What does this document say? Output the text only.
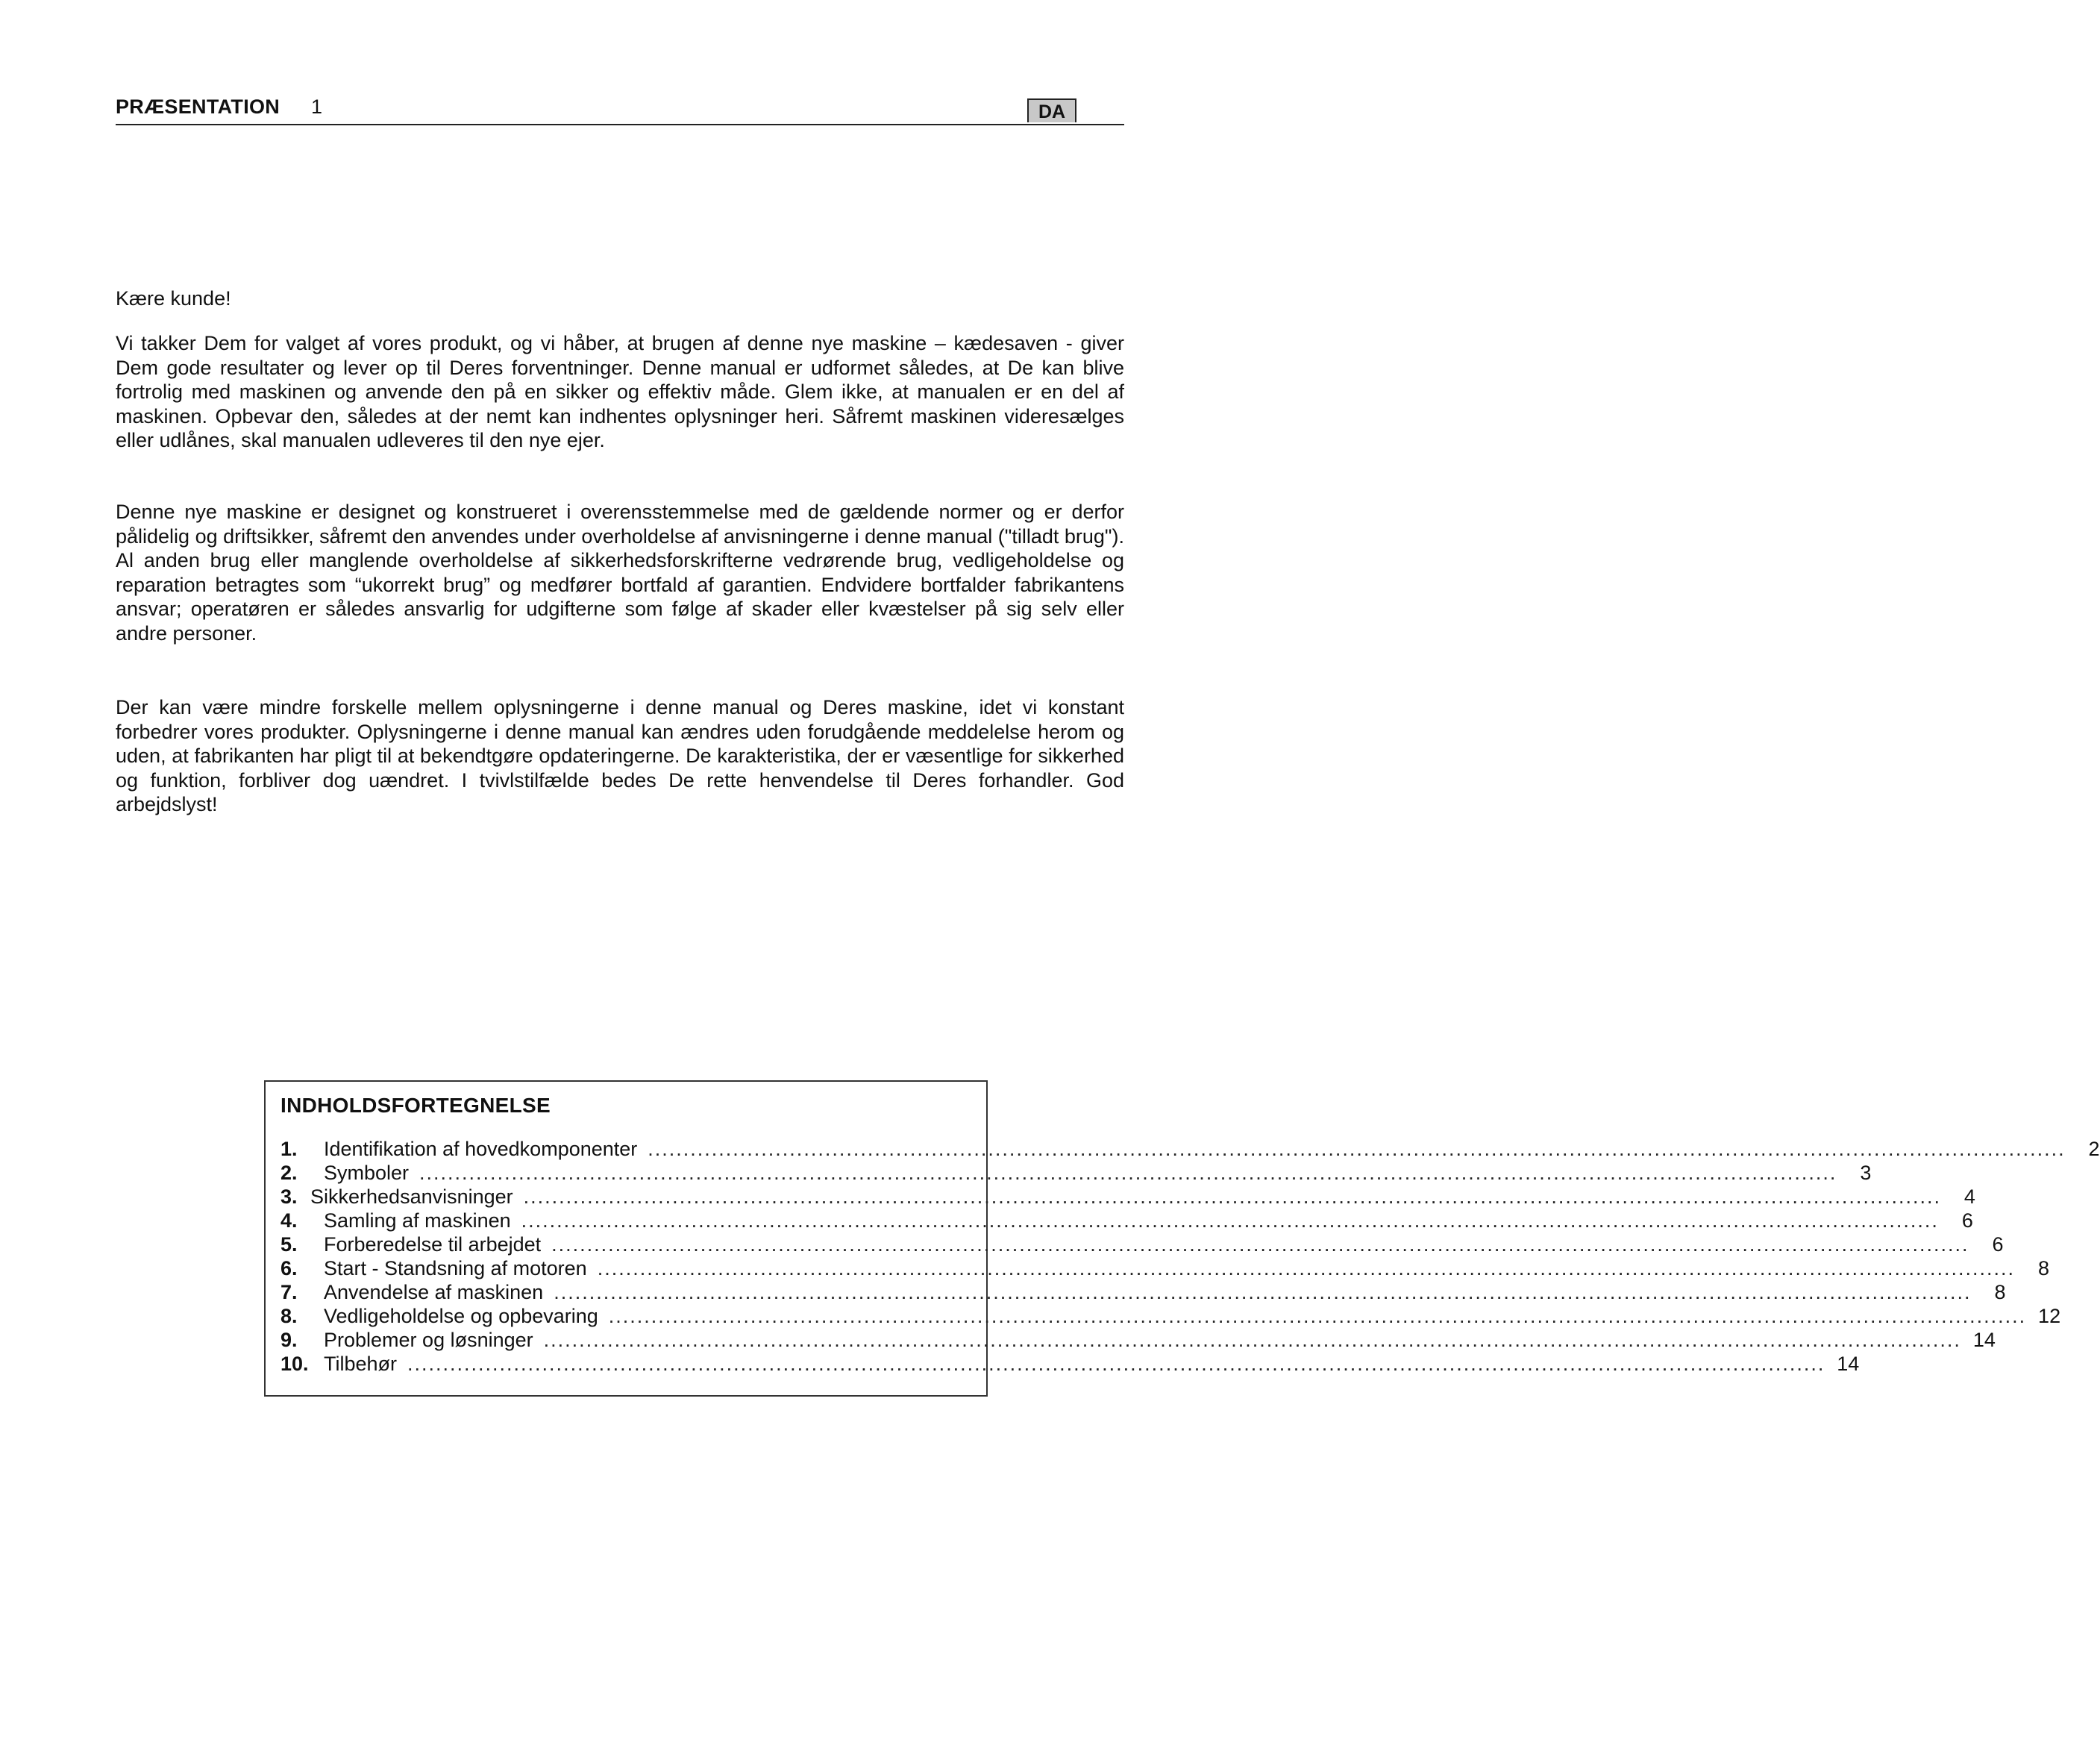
PRÆSENTATION 1	DA

Kære kunde!

Vi takker Dem for valget af vores produkt, og vi håber, at brugen af denne nye maskine – kædesaven - giver Dem gode resultater og lever op til Deres forventninger. Denne manual er udformet således, at De kan blive fortrolig med maskinen og anvende den på en sikker og effektiv måde. Glem ikke, at manualen er en del af maskinen. Opbevar den, således at der nemt kan indhentes oplysninger heri. Såfremt maskinen videresælges eller udlånes, skal manualen udleveres til den nye ejer.

Denne nye maskine er designet og konstrueret i overensstemmelse med de gældende normer og er derfor pålidelig og driftsikker, såfremt den anvendes under overholdelse af anvisningerne i denne manual ("tilladt brug"). Al anden brug eller manglende overholdelse af sikkerhedsforskrifterne vedrørende brug, vedligeholdelse og reparation betragtes som “ukorrekt brug” og medfører bortfald af garantien. Endvidere bortfalder fabrikantens ansvar; operatøren er således ansvarlig for udgifterne som følge af skader eller kvæstelser på sig selv eller andre personer.

Der kan være mindre forskelle mellem oplysningerne i denne manual og Deres maskine, idet vi konstant forbedrer vores produkter. Oplysningerne i denne manual kan ændres uden forudgående meddelelse herom og uden, at fabrikanten har pligt til at bekendtgøre opdateringerne. De karakteristika, der er væsentlige for sikkerhed og funktion, forbliver dog uændret. I tvivlstilfælde bedes De rette henvendelse til Deres forhandler. God arbejdslyst!

INDHOLDSFORTEGNELSE
1.	Identifikation af hovedkomponenter ........................................................................................................................................................................................................	2
2.	Symboler ........................................................................................................................................................................................................	3
3. Sikkerhedsanvisninger ........................................................................................................................................................................................................	4
4.	Samling af maskinen ........................................................................................................................................................................................................	6
5.	Forberedelse til arbejdet ........................................................................................................................................................................................................	6
6.	Start - Standsning af motoren ........................................................................................................................................................................................................	8
7.	Anvendelse af maskinen ........................................................................................................................................................................................................	8
8.	Vedligeholdelse og opbevaring ........................................................................................................................................................................................................ 12
9.	Problemer og løsninger ........................................................................................................................................................................................................ 14
10. Tilbehør ........................................................................................................................................................................................................ 14
